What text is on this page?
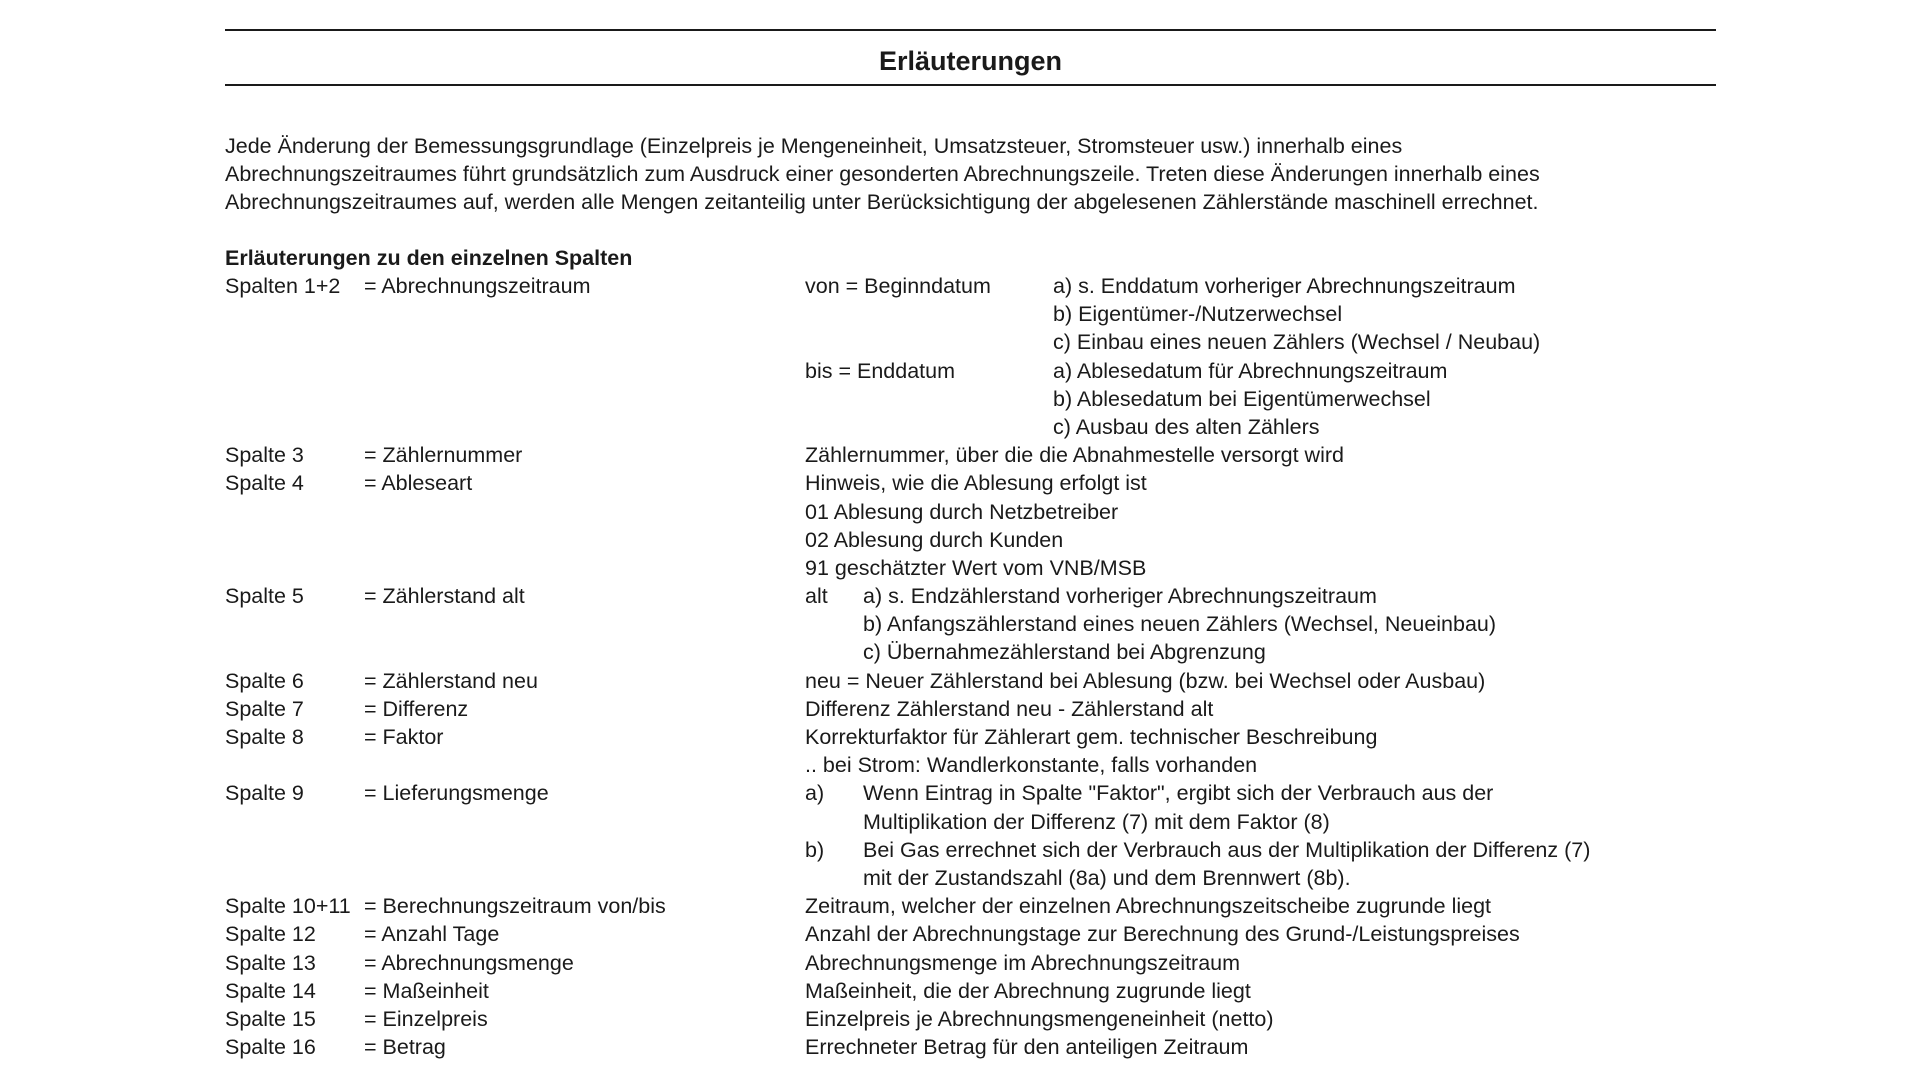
Erläuterungen
Jede Änderung der Bemessungsgrundlage (Einzelpreis je Mengeneinheit, Umsatzsteuer, Stromsteuer usw.) innerhalb eines
Abrechnungszeitraumes führt grundsätzlich zum Ausdruck einer gesonderten Abrechnungszeile. Treten diese Änderungen innerhalb eines
Abrechnungszeitraumes auf, werden alle Mengen zeitanteilig unter Berücksichtigung der abgelesenen Zählerstände maschinell errechnet.
Erläuterungen zu den einzelnen Spalten
Spalten 1+2 = Abrechnungszeitraum	von = Beginndatum	a) s. Enddatum vorheriger Abrechnungszeitraum
b) Eigentümer-/Nutzerwechsel
c) Einbau eines neuen Zählers (Wechsel / Neubau)
bis = Enddatum	a) Ablesedatum für Abrechnungszeitraum
b) Ablesedatum bei Eigentümerwechsel
c) Ausbau des alten Zählers
Spalte 3	= Zählernummer	Zählernummer, über die die Abnahmestelle versorgt wird
Spalte 4	= Ableseart	Hinweis, wie die Ablesung erfolgt ist
01 Ablesung durch Netzbetreiber
02 Ablesung durch Kunden
91 geschätzter Wert vom VNB/MSB
Spalte 5	= Zählerstand alt	alt a) s. Endzählerstand vorheriger Abrechnungszeitraum
b) Anfangszählerstand eines neuen Zählers (Wechsel, Neueinbau)
c) Übernahmezählerstand bei Abgrenzung
Spalte 6	= Zählerstand neu	neu = Neuer Zählerstand bei Ablesung (bzw. bei Wechsel oder Ausbau)
Spalte 7	= Differenz	Differenz Zählerstand neu - Zählerstand alt
Spalte 8	= Faktor	Korrekturfaktor für Zählerart gem. technischer Beschreibung
.. bei Strom: Wandlerkonstante, falls vorhanden
Spalte 9	= Lieferungsmenge	a) Wenn Eintrag in Spalte "Faktor", ergibt sich der Verbrauch aus der
Multiplikation der Differenz (7) mit dem Faktor (8)
b) Bei Gas errechnet sich der Verbrauch aus der Multiplikation der Differenz (7)
mit der Zustandszahl (8a) und dem Brennwert (8b).
Spalte 10+11 = Berechnungszeitraum von/bis	Zeitraum, welcher der einzelnen Abrechnungszeitscheibe zugrunde liegt
Spalte 12 = Anzahl Tage	Anzahl der Abrechnungstage zur Berechnung des Grund-/Leistungspreises
Spalte 13 = Abrechnungsmenge	Abrechnungsmenge im Abrechnungszeitraum
Spalte 14 = Maßeinheit	Maßeinheit, die der Abrechnung zugrunde liegt
Spalte 15 = Einzelpreis	Einzelpreis je Abrechnungsmengeneinheit (netto)
Spalte 16 = Betrag	Errechneter Betrag für den anteiligen Zeitraum
